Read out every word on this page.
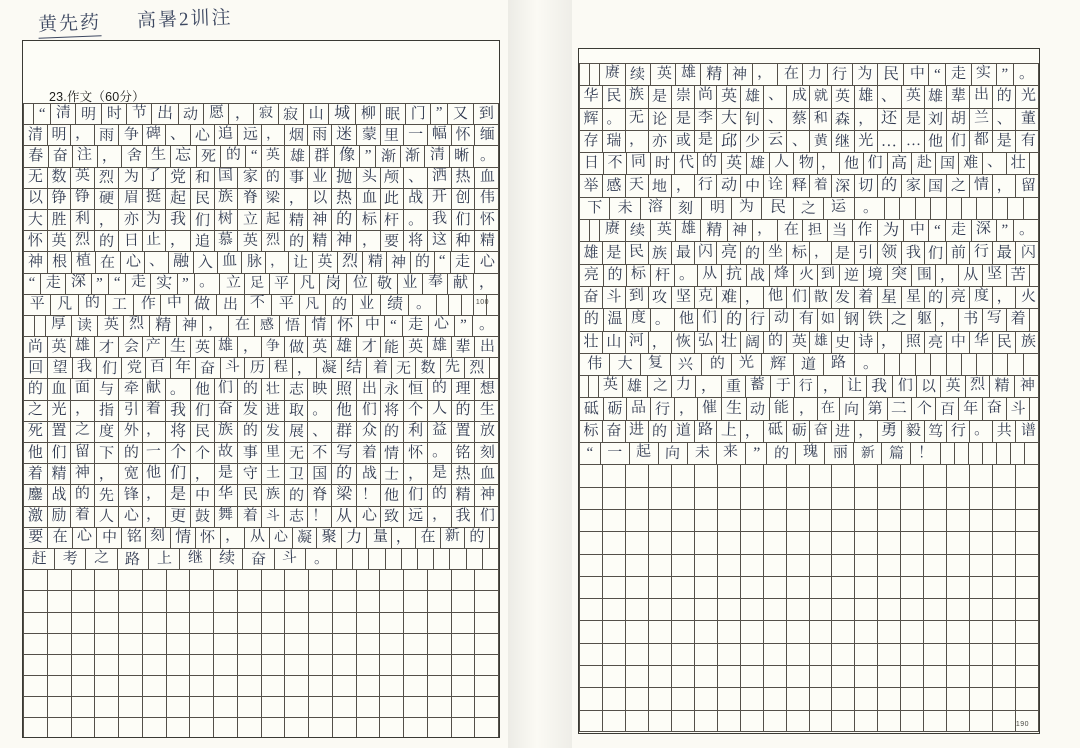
黄先药 高暑2训注
23.作文（60分）
“ 清 明 时 节 出 动 愿 ， 寂 寂 山 城 柳 眠 门 ” 又 到
清 明 ， 雨 争 碑 、 心 追 远 ， 烟 雨 迷 蒙 里 一 幅 怀 缅
春 奋 注 ， 舍 生 忘 死 的 “ 英 雄 群 像 ” 渐 渐 清 晰 。
无 数 英 烈 为 了 党 和 国 家 的 事 业 抛 头 颅 、 洒 热 血
以 铮 铮 硬 眉 挺 起 民 族 脊 梁 ， 以 热 血 此 战 开 创 伟
大 胜 利 ， 亦 为 我 们 树 立 起 精 神 的 标 杆 。 我 们 怀
怀 英 烈 的 日 止 ， 追 慕 英 烈 的 精 神 ， 要 将 这 种 精
神 根 植 在 心 、 融 入 血 脉 ， 让 英 烈 精 神 的 “ 走 心
“ 走 深 ” “ 走 实 ” 。 立 足 平 凡 岗 位 敬 业 奉 献 ，
平 凡 的 工 作 中 做 出 不 平 凡 的 业 绩 。
厚 读 英 烈 精 神 ， 在 感 悟 情 怀 中 “ 走 心 ” 。
尚 英 雄 才 会 产 生 英 雄 ， 争 做 英 雄 才 能 英 雄 辈 出
回 望 我 们 党 百 年 奋 斗 历 程 ， 凝 结 着 无 数 先 烈
的 血 面 与 牵 献 。 他 们 的 壮 志 映 照 出 永 恒 的 理 想
之 光 ， 指 引 着 我 们 奋 发 进 取 。 他 们 将 个 人 的 生
死 置 之 度 外 ， 将 民 族 的 发 展 、 群 众 的 利 益 置 放
他 们 留 下 的 一 个 个 故 事 里 无 不 写 着 情 怀 。 铭 刻
着 精 神 ， 宽 他 们 ， 是 守 土 卫 国 的 战 士 ， 是 热 血
鏖 战 的 先 锋 ， 是 中 华 民 族 的 脊 梁 ！ 他 们 的 精 神
激 励 着 人 心 ， 更 鼓 舞 着 斗 志 ！ 从 心 致 远 ， 我 们
要 在 心 中 铭 刻 情 怀 ， 从 心 凝 聚 力 量 ， 在 新 的
赶 考 之 路 上 继 续 奋 斗 。
100
赓 续 英 雄 精 神 ， 在 力 行 为 民 中 “ 走 实 ” 。
华 民 族 是 崇 尚 英 雄 、 成 就 英 雄 、 英 雄 辈 出 的 光
辉 。 无 论 是 李 大 钊 、 蔡 和 森 ， 还 是 刘 胡 兰 、 董
存 瑞 ， 亦 或 是 邱 少 云 、 黄 继 光 … … 他 们 都 是 有
日 不 同 时 代 的 英 雄 人 物 ， 他 们 高 赴 国 难 、 壮
举 感 天 地 ， 行 动 中 诠 释 着 深 切 的 家 国 之 情 ， 留
下 未 溶 刻 明 为 民 之 运 。
赓 续 英 雄 精 神 ， 在 担 当 作 为 中 “ 走 深 ” 。
雄 是 民 族 最 闪 亮 的 坐 标 ， 是 引 领 我 们 前 行 最 闪
亮 的 标 杆 。 从 抗 战 烽 火 到 逆 境 突 围 ， 从 坚 苦
奋 斗 到 攻 坚 克 难 ， 他 们 散 发 着 星 星 的 亮 度 ， 火
的 温 度 。 他 们 的 行 动 有 如 钢 铁 之 躯 ， 书 写 着
壮 山 河 ， 恢 弘 壮 阔 的 英 雄 史 诗 ， 照 亮 中 华 民 族
伟 大 复 兴 的 光 辉 道 路 。
英 雄 之 力 ， 重 蓄 于 行 ， 让 我 们 以 英 烈 精 神
砥 砺 品 行 ， 催 生 动 能 ， 在 向 第 二 个 百 年 奋 斗
标 奋 进 的 道 路 上 ， 砥 砺 奋 进 ， 勇 毅 笃 行 。 共 谱
“ 一 起 向 未 来 ” 的 瑰 丽 新 篇 ！
190
